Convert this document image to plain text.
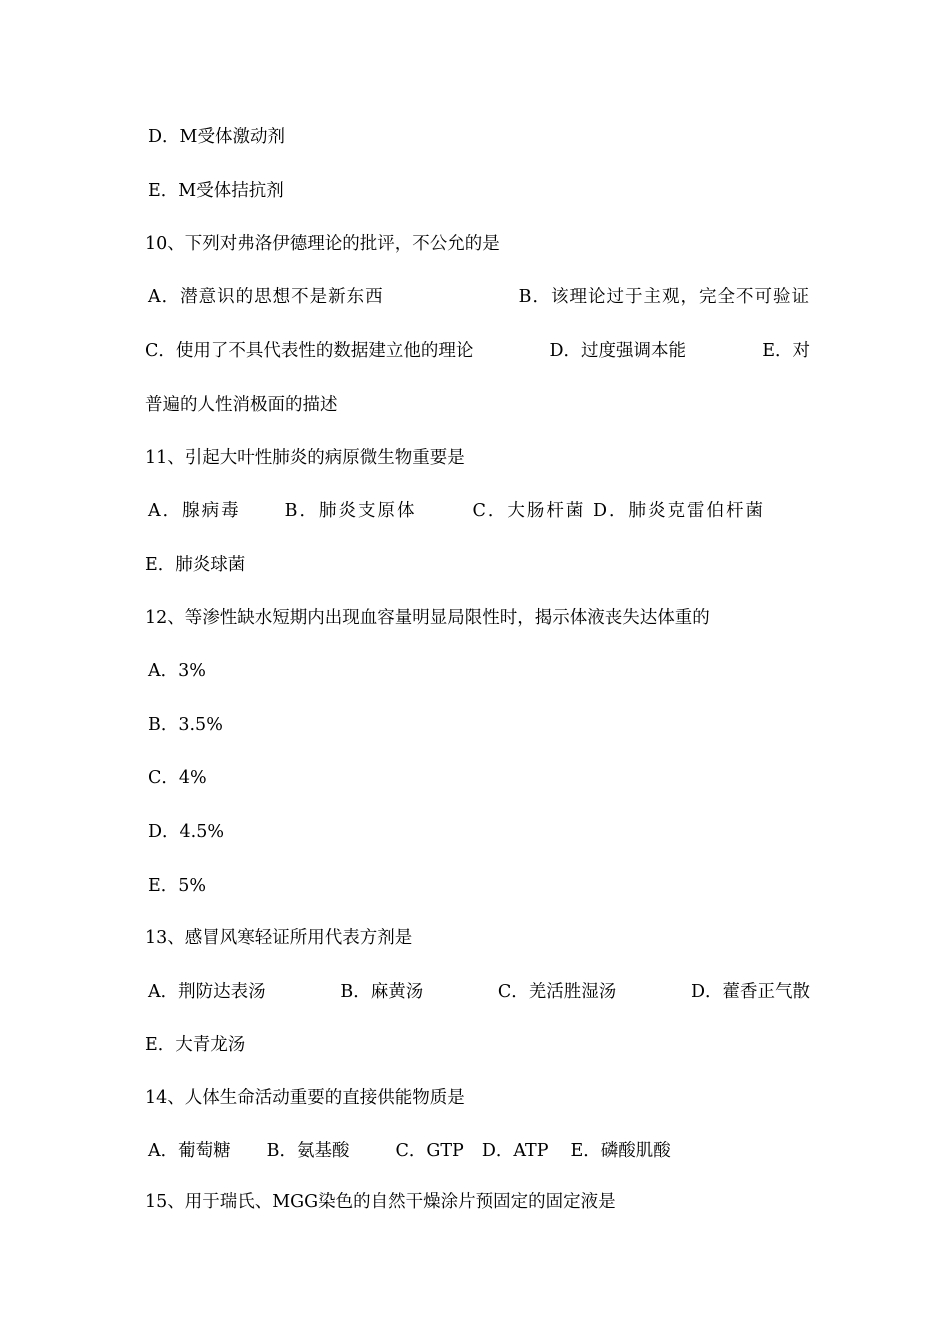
D．M受体激动剂
E．M受体拮抗剂
10、下列对弗洛伊德理论的批评，不公允的是
A．潜意识的思想不是新东西	B．该理论过于主观，完全不可验证
C．使用了不具代表性的数据建立他的理论	D．过度强调本能	E．对
普遍的人性消极面的描述
11、引起大叶性肺炎的病原微生物重要是
A．腺病毒	B．肺炎支原体	C．大肠杆菌 D．肺炎克雷伯杆菌
E．肺炎球菌
12、等渗性缺水短期内出现血容量明显局限性时，揭示体液丧失达体重的
A．3%
B．3.5%
C．4%
D．4.5%
E．5%
13、感冒风寒轻证所用代表方剂是
A．荆防达表汤	B．麻黄汤	C．羌活胜湿汤	D．藿香正气散
E．大青龙汤
14、人体生命活动重要的直接供能物质是
A．葡萄糖 B．氨基酸	C．GTP D．ATP E．磷酸肌酸
15、用于瑞氏、MGG染色的自然干燥涂片预固定的固定液是
